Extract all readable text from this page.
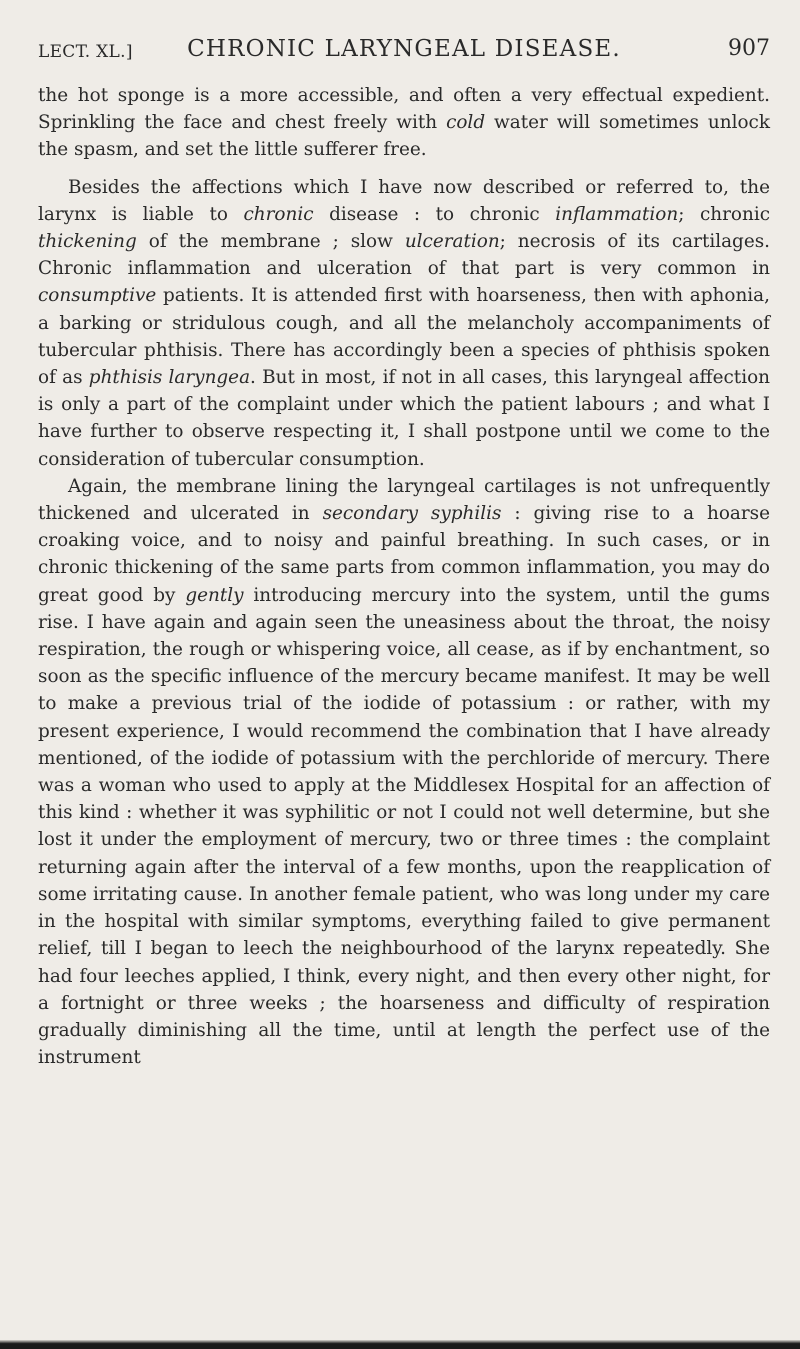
LECT. XL.]	CHRONIC LARYNGEAL DISEASE.	907

the hot sponge is a more accessible, and often a very effectual expedient. Sprinkling the face and chest freely with cold water will sometimes unlock the spasm, and set the little sufferer free.

Besides the affections which I have now described or referred to, the larynx is liable to chronic disease : to chronic inflammation; chronic thickening of the membrane ; slow ulceration; necrosis of its cartilages. Chronic inflammation and ulceration of that part is very common in consumptive patients. It is attended first with hoarseness, then with aphonia, a barking or stridulous cough, and all the melancholy accompaniments of tubercular phthisis. There has accordingly been a species of phthisis spoken of as phthisis laryngea. But in most, if not in all cases, this laryngeal affection is only a part of the complaint under which the patient labours ; and what I have further to observe respecting it, I shall postpone until we come to the consideration of tubercular consumption.

Again, the membrane lining the laryngeal cartilages is not unfrequently thickened and ulcerated in secondary syphilis : giving rise to a hoarse croaking voice, and to noisy and painful breathing. In such cases, or in chronic thickening of the same parts from common inflammation, you may do great good by gently introducing mercury into the system, until the gums rise. I have again and again seen the uneasiness about the throat, the noisy respiration, the rough or whispering voice, all cease, as if by enchantment, so soon as the specific influence of the mercury became manifest. It may be well to make a previous trial of the iodide of potassium : or rather, with my present experience, I would recommend the combination that I have already mentioned, of the iodide of potassium with the perchloride of mercury. There was a woman who used to apply at the Middlesex Hospital for an affection of this kind : whether it was syphilitic or not I could not well determine, but she lost it under the employment of mercury, two or three times : the complaint returning again after the interval of a few months, upon the reapplication of some irritating cause. In another female patient, who was long under my care in the hospital with similar symptoms, everything failed to give permanent relief, till I began to leech the neighbourhood of the larynx repeatedly. She had four leeches applied, I think, every night, and then every other night, for a fortnight or three weeks ; the hoarseness and difficulty of respiration gradually diminishing all the time, until at length the perfect use of the instrument
